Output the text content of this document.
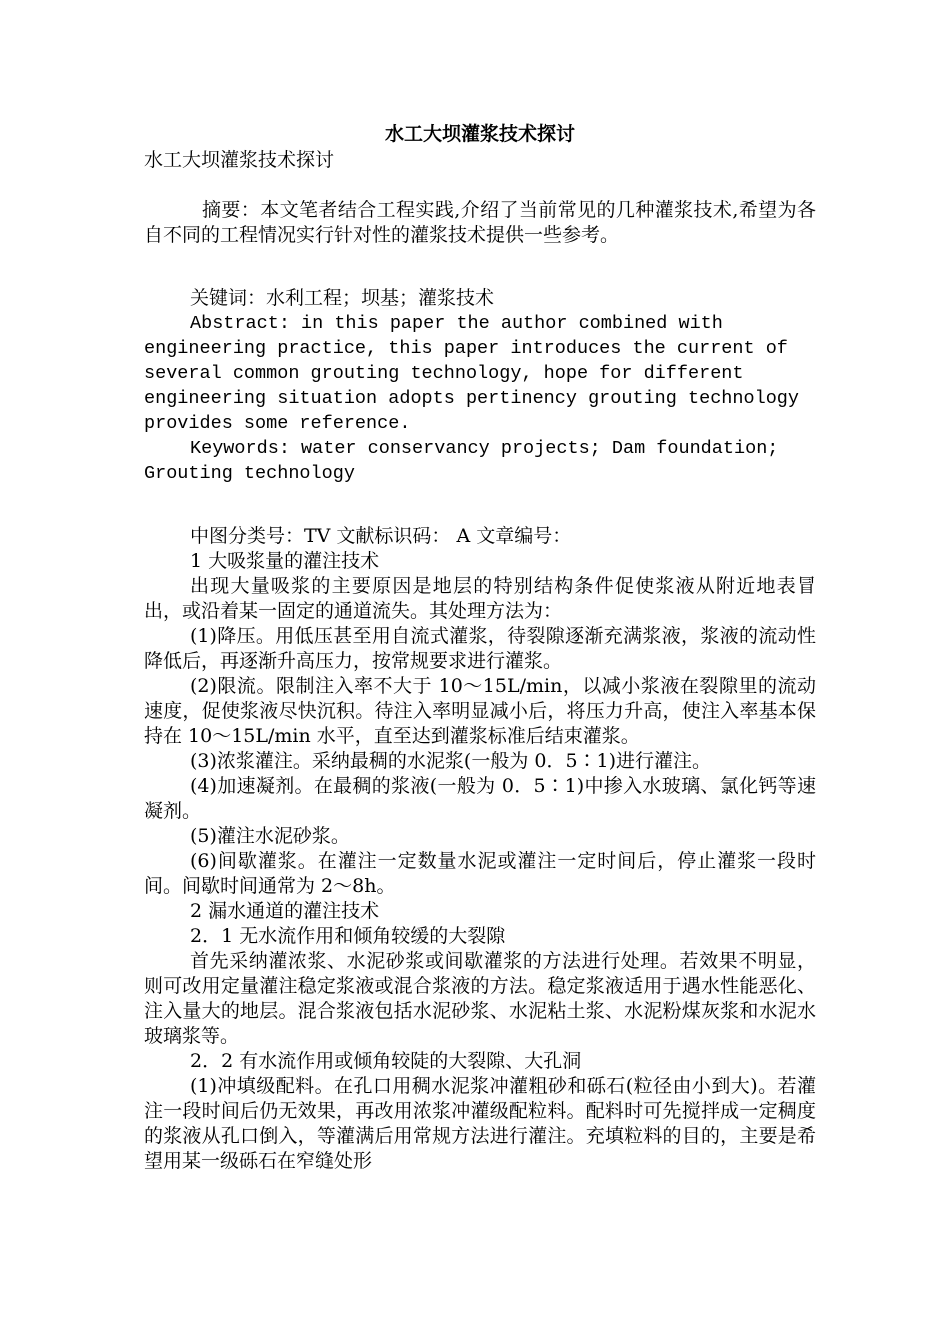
水工大坝灌浆技术探讨

水工大坝灌浆技术探讨

摘要：本文笔者结合工程实践,介绍了当前常见的几种灌浆技术,希望为各自不同的工程情况实行针对性的灌浆技术提供一些参考。

关键词：水利工程；坝基；灌浆技术

Abstract: in this paper the author combined with engineering practice, this paper introduces the current of several common grouting technology, hope for different engineering situation adopts pertinency grouting technology provides some reference.

Keywords: water conservancy projects; Dam foundation; Grouting technology

中图分类号：TV 文献标识码： A 文章编号：

1 大吸浆量的灌注技术

出现大量吸浆的主要原因是地层的特别结构条件促使浆液从附近地表冒出，或沿着某一固定的通道流失。其处理方法为：

(1)降压。用低压甚至用自流式灌浆，待裂隙逐渐充满浆液，浆液的流动性降低后，再逐渐升高压力，按常规要求进行灌浆。

(2)限流。限制注入率不大于 10～15L/min，以减小浆液在裂隙里的流动速度，促使浆液尽快沉积。待注入率明显减小后，将压力升高，使注入率基本保持在 10～15L/min 水平，直至达到灌浆标准后结束灌浆。

(3)浓浆灌注。采纳最稠的水泥浆(一般为 0．5∶1)进行灌注。

(4)加速凝剂。在最稠的浆液(一般为 0．5∶1)中掺入水玻璃、氯化钙等速凝剂。

(5)灌注水泥砂浆。

(6)间歇灌浆。在灌注一定数量水泥或灌注一定时间后，停止灌浆一段时间。间歇时间通常为 2～8h。

2 漏水通道的灌注技术

2．1 无水流作用和倾角较缓的大裂隙

首先采纳灌浓浆、水泥砂浆或间歇灌浆的方法进行处理。若效果不明显，则可改用定量灌注稳定浆液或混合浆液的方法。稳定浆液适用于遇水性能恶化、注入量大的地层。混合浆液包括水泥砂浆、水泥粘土浆、水泥粉煤灰浆和水泥水玻璃浆等。

2．2 有水流作用或倾角较陡的大裂隙、大孔洞

(1)冲填级配料。在孔口用稠水泥浆冲灌粗砂和砾石(粒径由小到大)。若灌注一段时间后仍无效果，再改用浓浆冲灌级配粒料。配料时可先搅拌成一定稠度的浆液从孔口倒入，等灌满后用常规方法进行灌注。充填粒料的目的，主要是希望用某一级砾石在窄缝处形
